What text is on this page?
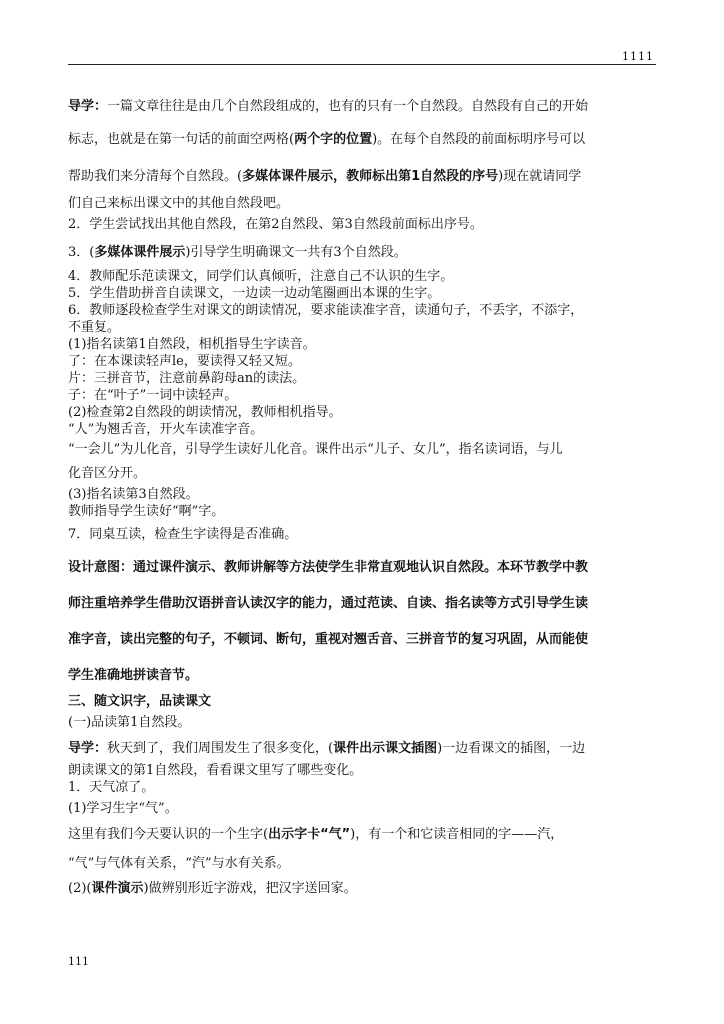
1111
导学：一篇文章往往是由几个自然段组成的，也有的只有一个自然段。自然段有自己的开始
标志，也就是在第一句话的前面空两格(两个字的位置)。在每个自然段的前面标明序号可以
帮助我们来分清每个自然段。(多媒体课件展示，教师标出第1自然段的序号)现在就请同学
们自己来标出课文中的其他自然段吧。
2．学生尝试找出其他自然段，在第2自然段、第3自然段前面标出序号。
3．(多媒体课件展示)引导学生明确课文一共有3个自然段。
4．教师配乐范读课文，同学们认真倾听，注意自己不认识的生字。
5．学生借助拼音自读课文，一边读一边动笔圈画出本课的生字。
6．教师逐段检查学生对课文的朗读情况，要求能读准字音，读通句子，不丢字，不添字，
不重复。
(1)指名读第1自然段，相机指导生字读音。
了：在本课读轻声le，要读得又轻又短。
片：三拼音节，注意前鼻韵母an的读法。
子：在“叶子”一词中读轻声。
(2)检查第2自然段的朗读情况，教师相机指导。
“人”为翘舌音，开火车读准字音。
“一会儿”为儿化音，引导学生读好儿化音。课件出示“儿子、女儿”，指名读词语，与儿
化音区分开。
(3)指名读第3自然段。
教师指导学生读好“啊”字。
7．同桌互读，检查生字读得是否准确。
设计意图：通过课件演示、教师讲解等方法使学生非常直观地认识自然段。本环节教学中教
师注重培养学生借助汉语拼音认读汉字的能力，通过范读、自读、指名读等方式引导学生读
准字音，读出完整的句子，不顿词、断句，重视对翘舌音、三拼音节的复习巩固，从而能使
学生准确地拼读音节。
三、随文识字，品读课文
(一)品读第1自然段。
导学：秋天到了，我们周围发生了很多变化，(课件出示课文插图)一边看课文的插图，一边
朗读课文的第1自然段，看看课文里写了哪些变化。
1．天气凉了。
(1)学习生字“气”。
这里有我们今天要认识的一个生字(出示字卡“气”)，有一个和它读音相同的字——汽，
“气”与气体有关系，“汽”与水有关系。
(2)(课件演示)做辨别形近字游戏，把汉字送回家。
111
